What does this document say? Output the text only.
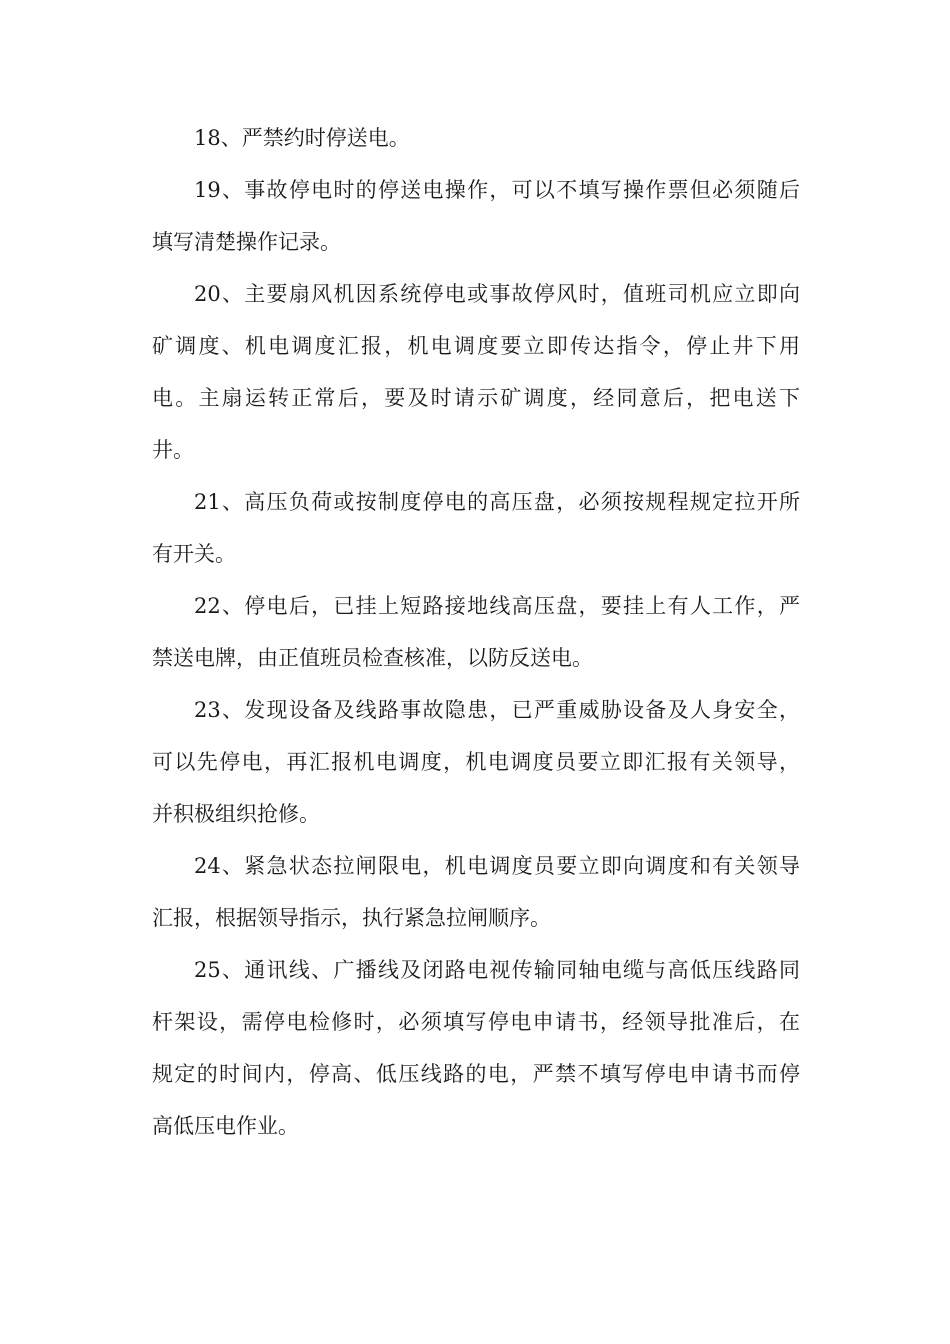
18、严禁约时停送电。
19、事故停电时的停送电操作，可以不填写操作票但必须随后
填写清楚操作记录。
20、主要扇风机因系统停电或事故停风时，值班司机应立即向
矿调度、机电调度汇报，机电调度要立即传达指令，停止井下用
电。主扇运转正常后，要及时请示矿调度，经同意后，把电送下
井。
21、高压负荷或按制度停电的高压盘，必须按规程规定拉开所
有开关。
22、停电后，已挂上短路接地线高压盘，要挂上有人工作，严
禁送电牌，由正值班员检查核准，以防反送电。
23、发现设备及线路事故隐患，已严重威胁设备及人身安全，
可以先停电，再汇报机电调度，机电调度员要立即汇报有关领导，
并积极组织抢修。
24、紧急状态拉闸限电，机电调度员要立即向调度和有关领导
汇报，根据领导指示，执行紧急拉闸顺序。
25、通讯线、广播线及闭路电视传输同轴电缆与高低压线路同
杆架设，需停电检修时，必须填写停电申请书，经领导批准后，在
规定的时间内，停高、低压线路的电，严禁不填写停电申请书而停
高低压电作业。
